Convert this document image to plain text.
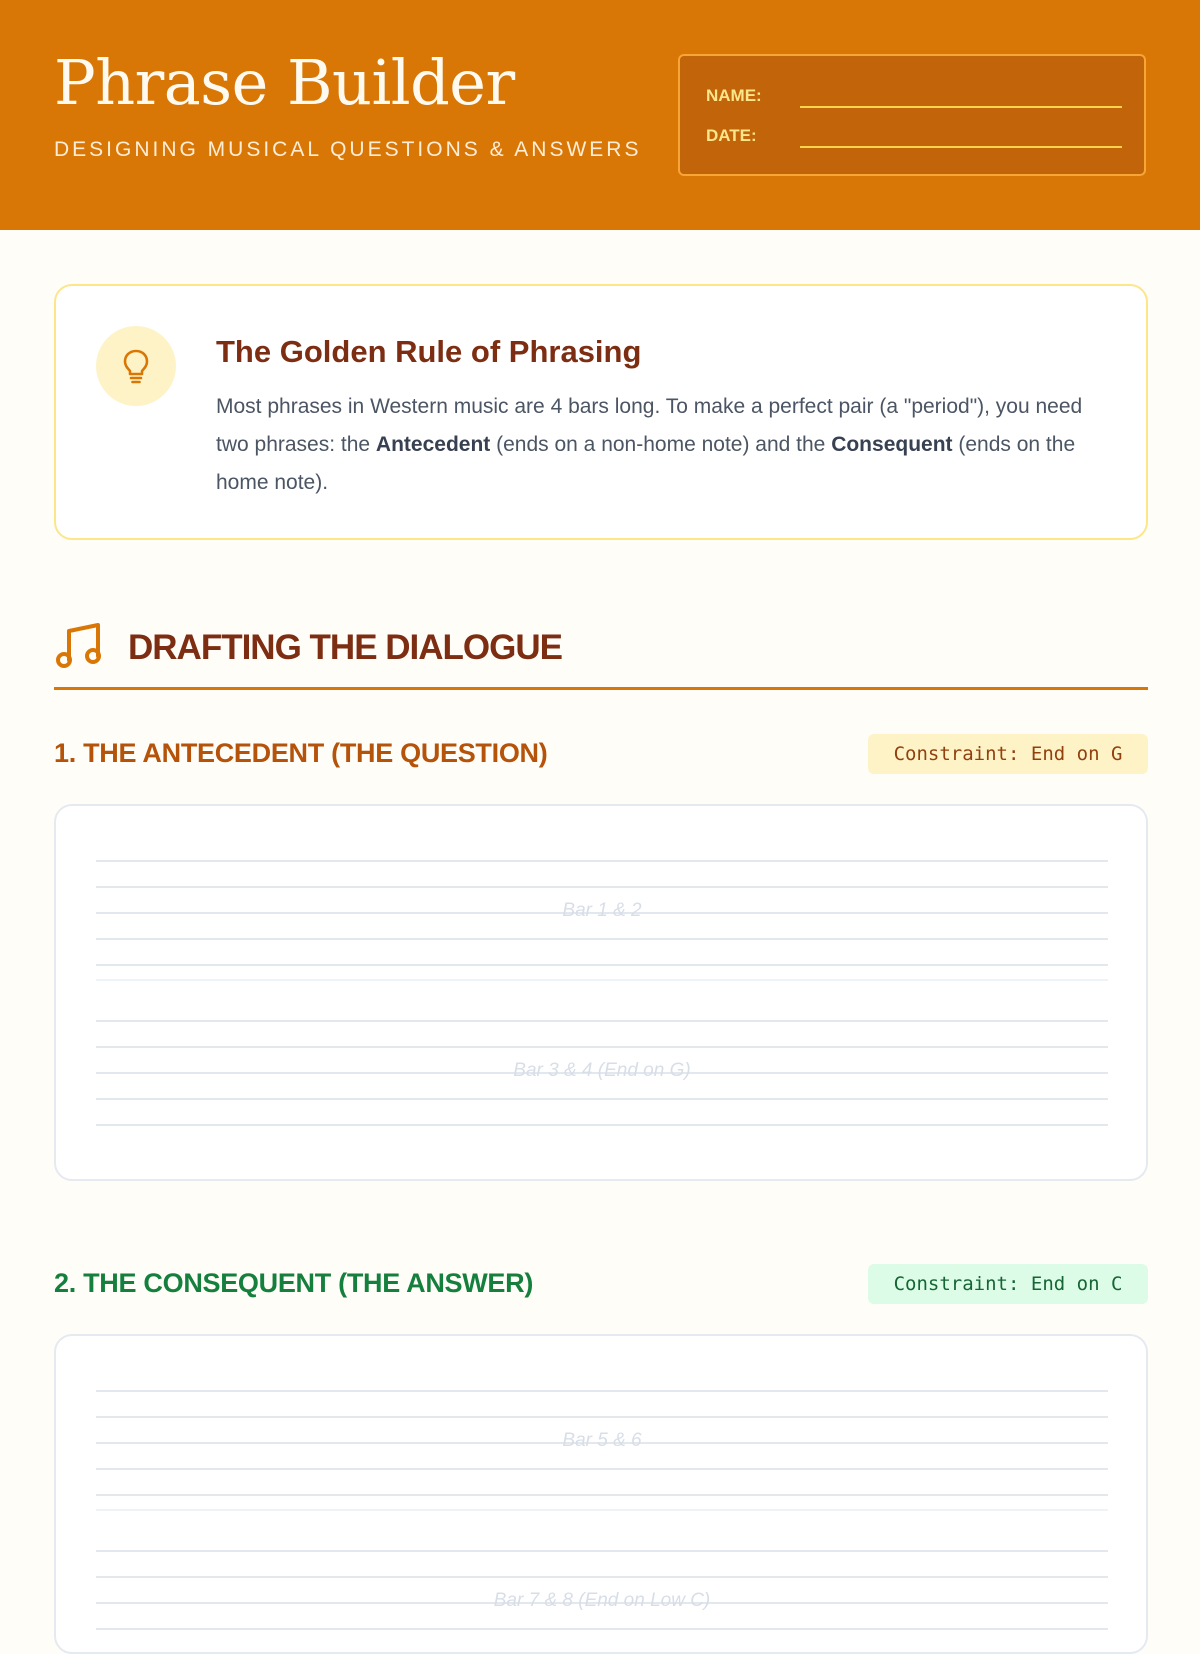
Phrase Builder
DESIGNING MUSICAL QUESTIONS & ANSWERS
NAME:
DATE:
The Golden Rule of Phrasing
Most phrases in Western music are 4 bars long. To make a perfect pair (a "period"), you need two phrases: the Antecedent (ends on a non-home note) and the Consequent (ends on the home note).
DRAFTING THE DIALOGUE
1. THE ANTECEDENT (THE QUESTION)	Constraint: End on G
Bar 1 & 2
Bar 3 & 4 (End on G)
2. THE CONSEQUENT (THE ANSWER)	Constraint: End on C
Bar 5 & 6
Bar 7 & 8 (End on Low C)
